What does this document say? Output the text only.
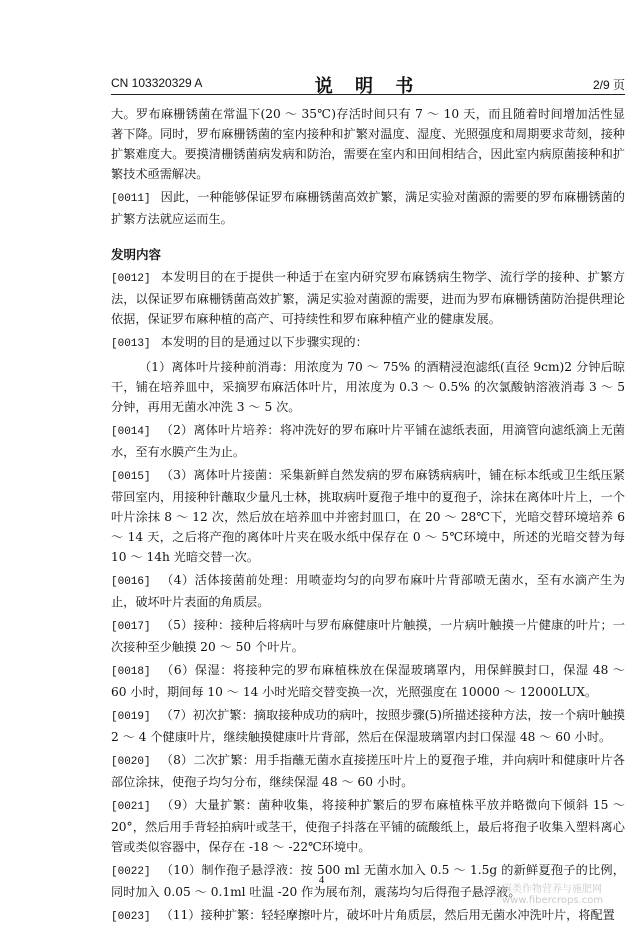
CN 103320329 A	说 明 书	2/9 页

大。罗布麻栅锈菌在常温下(20 ～ 35℃)存活时间只有 7 ～ 10 天，而且随着时间增加活性显著下降。同时，罗布麻栅锈菌的室内接种和扩繁对温度、湿度、光照强度和周期要求苛刻，接种扩繁难度大。要摸清栅锈菌病发病和防治，需要在室内和田间相结合，因此室内病原菌接种和扩繁技术亟需解决。

[0011] 因此，一种能够保证罗布麻栅锈菌高效扩繁，满足实验对菌源的需要的罗布麻栅锈菌的扩繁方法就应运而生。

发明内容

[0012] 本发明目的在于提供一种适于在室内研究罗布麻锈病生物学、流行学的接种、扩繁方法，以保证罗布麻栅锈菌高效扩繁，满足实验对菌源的需要，进而为罗布麻栅锈菌防治提供理论依据，保证罗布麻种植的高产、可持续性和罗布麻种植产业的健康发展。

[0013] 本发明的目的是通过以下步骤实现的：

（1）离体叶片接种前消毒：用浓度为 70 ～ 75% 的酒精浸泡滤纸(直径 9cm)2 分钟后晾干，铺在培养皿中，采摘罗布麻活体叶片，用浓度为 0.3 ～ 0.5% 的次氯酸钠溶液消毒 3 ～ 5 分钟，再用无菌水冲洗 3 ～ 5 次。

[0014] （2）离体叶片培养：将冲洗好的罗布麻叶片平铺在滤纸表面，用滴管向滤纸滴上无菌水，至有水膜产生为止。

[0015] （3）离体叶片接菌：采集新鲜自然发病的罗布麻锈病病叶，铺在标本纸或卫生纸压紧带回室内，用接种针蘸取少量凡士林，挑取病叶夏孢子堆中的夏孢子，涂抹在离体叶片上，一个叶片涂抹 8 ～ 12 次，然后放在培养皿中并密封皿口，在 20 ～ 28℃下，光暗交替环境培养 6 ～ 14 天，之后将产孢的离体叶片夹在吸水纸中保存在 0 ～ 5℃环境中，所述的光暗交替为每 10 ～ 14h 光暗交替一次。

[0016] （4）活体接菌前处理：用喷壶均匀的向罗布麻叶片背部喷无菌水，至有水滴产生为止，破坏叶片表面的角质层。

[0017] （5）接种：接种后将病叶与罗布麻健康叶片触摸，一片病叶触摸一片健康的叶片；一次接种至少触摸 20 ～ 50 个叶片。

[0018] （6）保湿：将接种完的罗布麻植株放在保湿玻璃罩内，用保鲜膜封口，保湿 48 ～ 60 小时，期间每 10 ～ 14 小时光暗交替变换一次，光照强度在 10000 ～ 12000LUX。

[0019] （7）初次扩繁：摘取接种成功的病叶，按照步骤(5)所描述接种方法，按一个病叶触摸 2 ～ 4 个健康叶片，继续触摸健康叶片背部，然后在保湿玻璃罩内封口保湿 48 ～ 60 小时。

[0020] （8）二次扩繁：用手指蘸无菌水直接搓压叶片上的夏孢子堆，并向病叶和健康叶片各部位涂抹，使孢子均匀分布，继续保湿 48 ～ 60 小时。

[0021] （9）大量扩繁：菌种收集，将接种扩繁后的罗布麻植株平放并略微向下倾斜 15 ～ 20°，然后用手背轻拍病叶或茎干，使孢子抖落在平铺的硫酸纸上，最后将孢子收集入塑料离心管或类似容器中，保存在 -18 ～ -22℃环境中。

[0022] （10）制作孢子悬浮液：按 500 ml 无菌水加入 0.5 ～ 1.5g 的新鲜夏孢子的比例，同时加入 0.05 ～ 0.1ml 吐温 -20 作为展布剂，震荡均匀后得孢子悬浮液。

[0023] （11）接种扩繁：轻轻摩擦叶片，破坏叶片角质层，然后用无菌水冲洗叶片，将配置

4
麻类作物营养与施肥网
www.fibercrops.com
